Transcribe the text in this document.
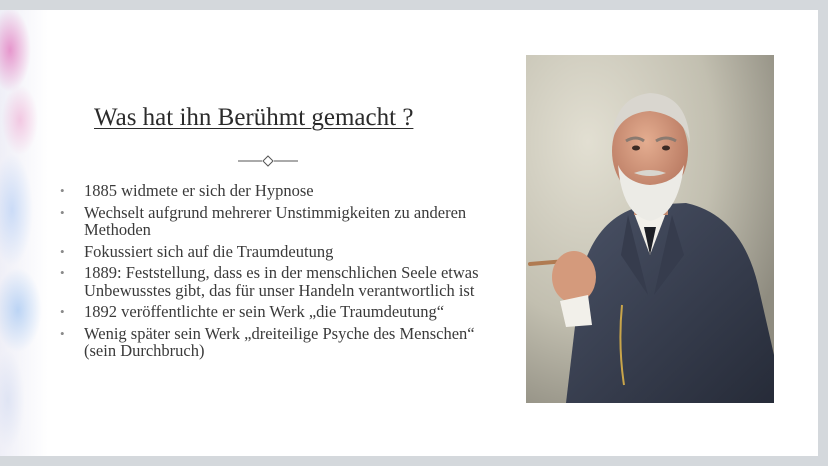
Was hat ihn Berühmt gemacht ?
• 1885 widmete er sich der Hypnose
• Wechselt aufgrund mehrerer Unstimmigkeiten zu anderen Methoden
• Fokussiert sich auf die Traumdeutung
• 1889: Feststellung, dass es in der menschlichen Seele etwas Unbewusstes gibt, das für unser Handeln verantwortlich ist
• 1892 veröffentlichte er sein Werk „die Traumdeutung“
• Wenig später sein Werk „dreiteilige Psyche des Menschen“ (sein Durchbruch)
